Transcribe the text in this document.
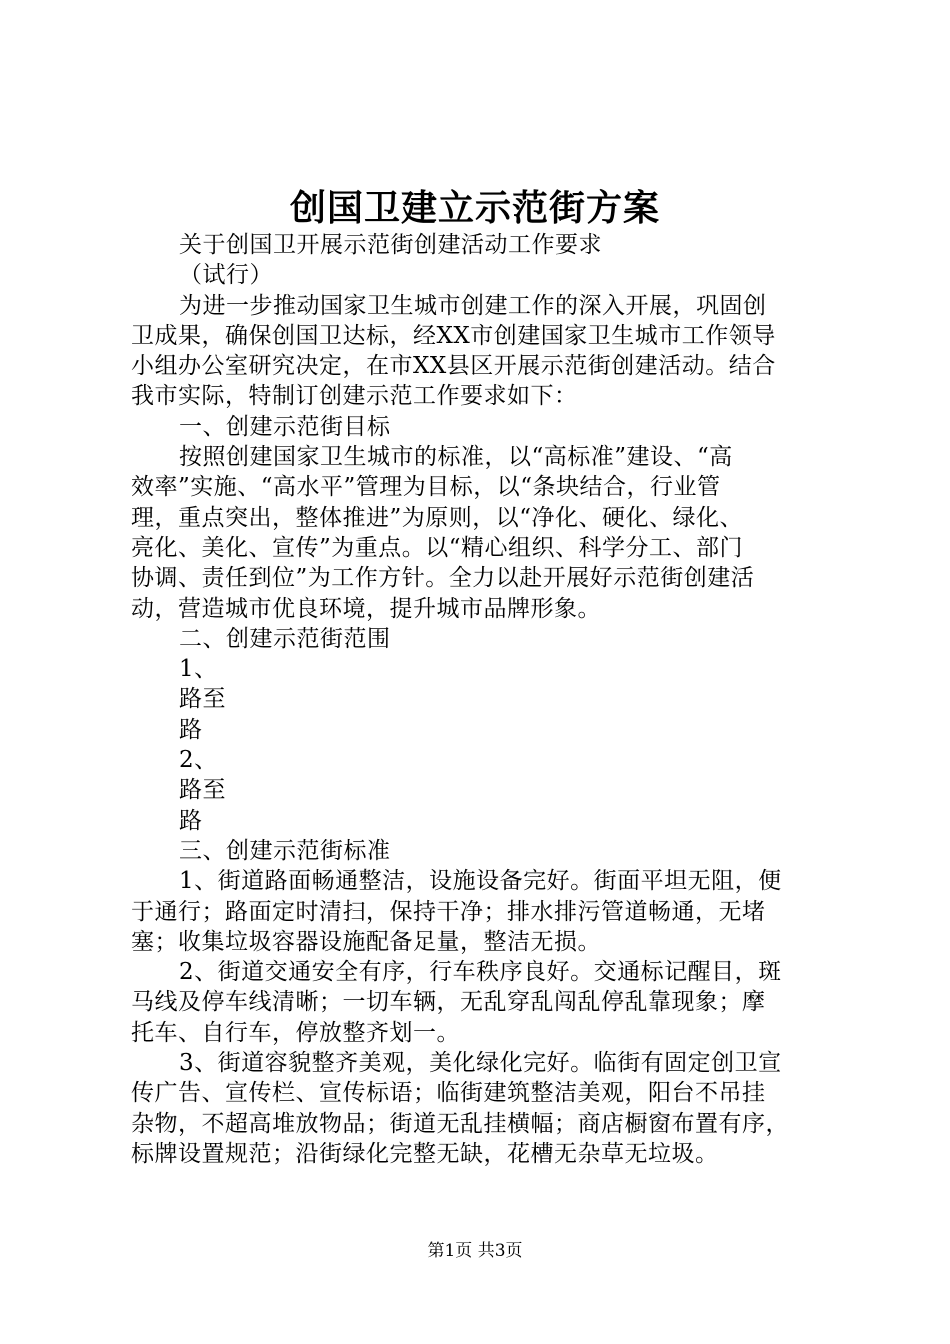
创国卫建立示范街方案
关于创国卫开展示范街创建活动工作要求
（试行）
为进一步推动国家卫生城市创建工作的深入开展，巩固创
卫成果，确保创国卫达标，经XX市创建国家卫生城市工作领导
小组办公室研究决定，在市XX县区开展示范街创建活动。结合
我市实际，特制订创建示范工作要求如下：
一、创建示范街目标
按照创建国家卫生城市的标准，以“高标准”建设、“高
效率”实施、“高水平”管理为目标，以“条块结合，行业管
理，重点突出，整体推进”为原则，以“净化、硬化、绿化、
亮化、美化、宣传”为重点。以“精心组织、科学分工、部门
协调、责任到位”为工作方针。全力以赴开展好示范街创建活
动，营造城市优良环境，提升城市品牌形象。
二、创建示范街范围
1、
路至
路
2、
路至
路
三、创建示范街标准
1、街道路面畅通整洁，设施设备完好。街面平坦无阻，便
于通行；路面定时清扫，保持干净；排水排污管道畅通，无堵
塞；收集垃圾容器设施配备足量，整洁无损。
2、街道交通安全有序，行车秩序良好。交通标记醒目，斑
马线及停车线清晰；一切车辆，无乱穿乱闯乱停乱靠现象；摩
托车、自行车，停放整齐划一。
3、街道容貌整齐美观，美化绿化完好。临街有固定创卫宣
传广告、宣传栏、宣传标语；临街建筑整洁美观，阳台不吊挂
杂物，不超高堆放物品；街道无乱挂横幅；商店橱窗布置有序，
标牌设置规范；沿街绿化完整无缺，花槽无杂草无垃圾。
第1页 共3页
